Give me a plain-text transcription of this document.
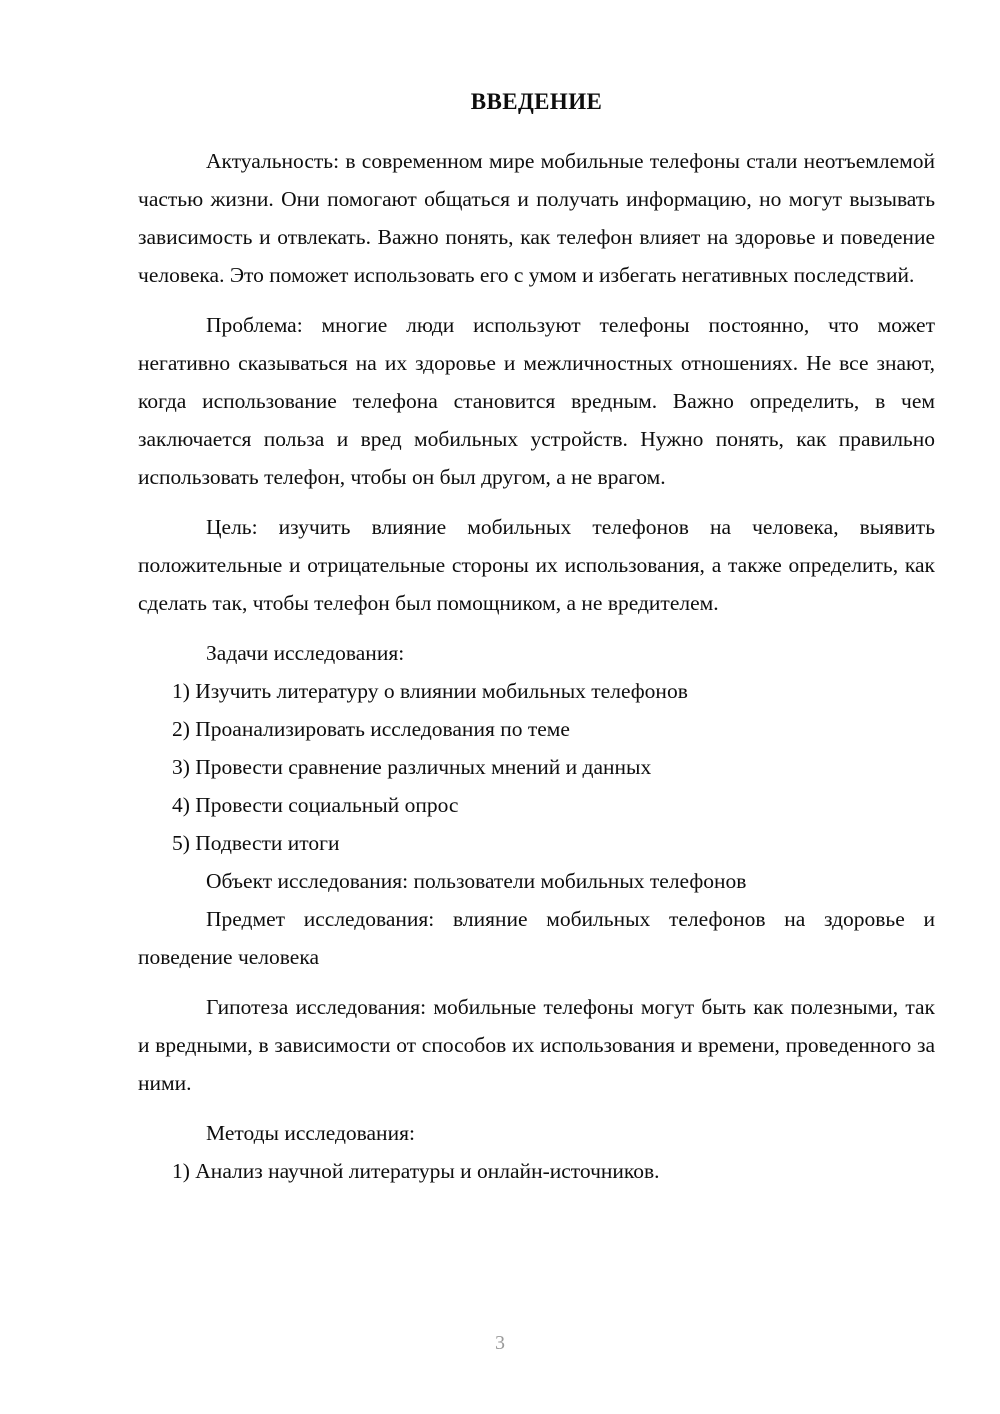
ВВЕДЕНИЕ

Актуальность: в современном мире мобильные телефоны стали неотъемлемой частью жизни. Они помогают общаться и получать информацию, но могут вызывать зависимость и отвлекать. Важно понять, как телефон влияет на здоровье и поведение человека. Это поможет использовать его с умом и избегать негативных последствий.

Проблема: многие люди используют телефоны постоянно, что может негативно сказываться на их здоровье и межличностных отношениях. Не все знают, когда использование телефона становится вредным. Важно определить, в чем заключается польза и вред мобильных устройств. Нужно понять, как правильно использовать телефон, чтобы он был другом, а не врагом.

Цель: изучить влияние мобильных телефонов на человека, выявить положительные и отрицательные стороны их использования, а также определить, как сделать так, чтобы телефон был помощником, а не вредителем.

Задачи исследования:

1) Изучить литературу о влиянии мобильных телефонов
2) Проанализировать исследования по теме
3) Провести сравнение различных мнений и данных
4) Провести социальный опрос
5) Подвести итоги

Объект исследования: пользователи мобильных телефонов

Предмет исследования: влияние мобильных телефонов на здоровье и поведение человека

Гипотеза исследования: мобильные телефоны могут быть как полезными, так и вредными, в зависимости от способов их использования и времени, проведенного за ними.

Методы исследования:

1) Анализ научной литературы и онлайн-источников.
3
